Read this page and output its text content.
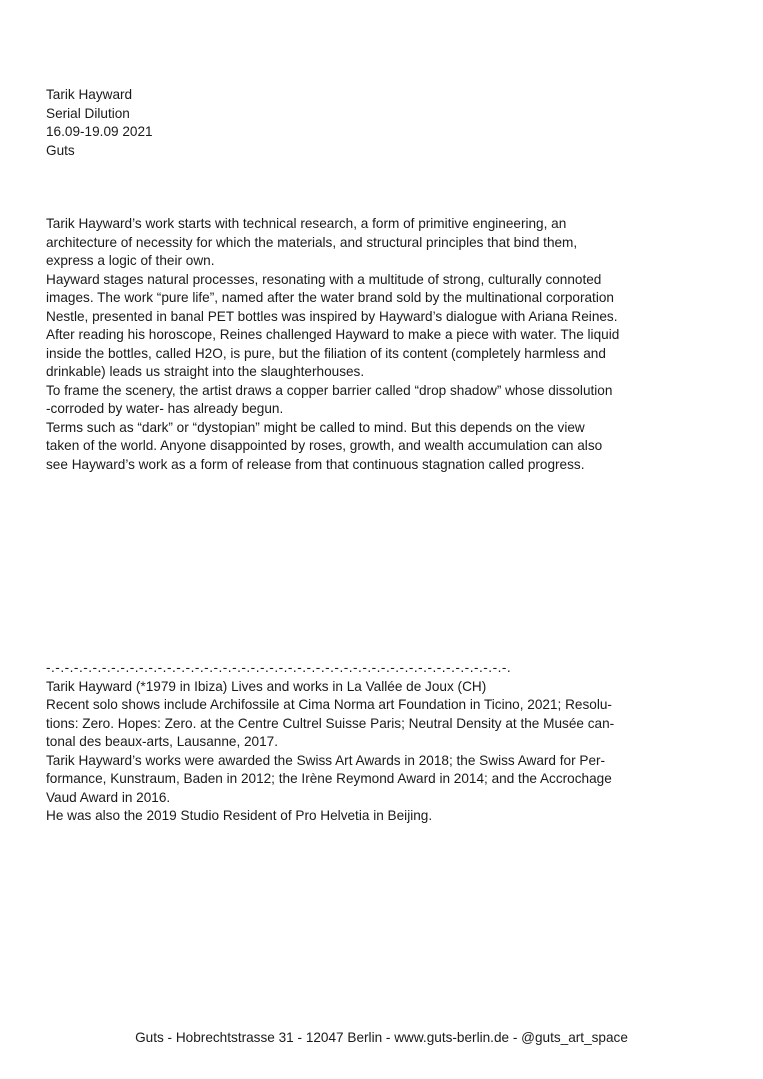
Tarik Hayward
Serial Dilution
16.09-19.09 2021
Guts
Tarik Hayward’s work starts with technical research, a form of primitive engineering, an
architecture of necessity for which the materials, and structural principles that bind them,
express a logic of their own.
Hayward stages natural processes, resonating with a multitude of strong, culturally connoted
images. The work “pure life”, named after the water brand sold by the multinational corporation
Nestle, presented in banal PET bottles was inspired by Hayward’s dialogue with Ariana Reines.
After reading his horoscope, Reines challenged Hayward to make a piece with water. The liquid
inside the bottles, called H2O, is pure, but the filiation of its content (completely harmless and
drinkable) leads us straight into the slaughterhouses.
To frame the scenery, the artist draws a copper barrier called “drop shadow” whose dissolution
-corroded by water- has already begun.
Terms such as “dark” or “dystopian” might be called to mind. But this depends on the view
taken of the world. Anyone disappointed by roses, growth, and wealth accumulation can also
see Hayward’s work as a form of release from that continuous stagnation called progress.
-.-.-.-.-.-.-.-.-.-.-.-.-.-.-.-.-.-.-.-.-.-.-.-.-.-.-.-.-.-.-.-.-.-.-.-.-.-.-.-.-.-.-.-.-.-.-.-.-.-.
Tarik Hayward (*1979 in Ibiza) Lives and works in La Vallée de Joux (CH)
Recent solo shows include Archifossile at Cima Norma art Foundation in Ticino, 2021; Resolu-
tions: Zero. Hopes: Zero. at the Centre Cultrel Suisse Paris; Neutral Density at the Musée can-
tonal des beaux-arts, Lausanne, 2017.
Tarik Hayward’s works were awarded the Swiss Art Awards in 2018; the Swiss Award for Per-
formance, Kunstraum, Baden in 2012; the Irène Reymond Award in 2014; and the Accrochage
Vaud Award in 2016.
He was also the 2019 Studio Resident of Pro Helvetia in Beijing.
Guts - Hobrechtstrasse 31 - 12047 Berlin - www.guts-berlin.de - @guts_art_space
